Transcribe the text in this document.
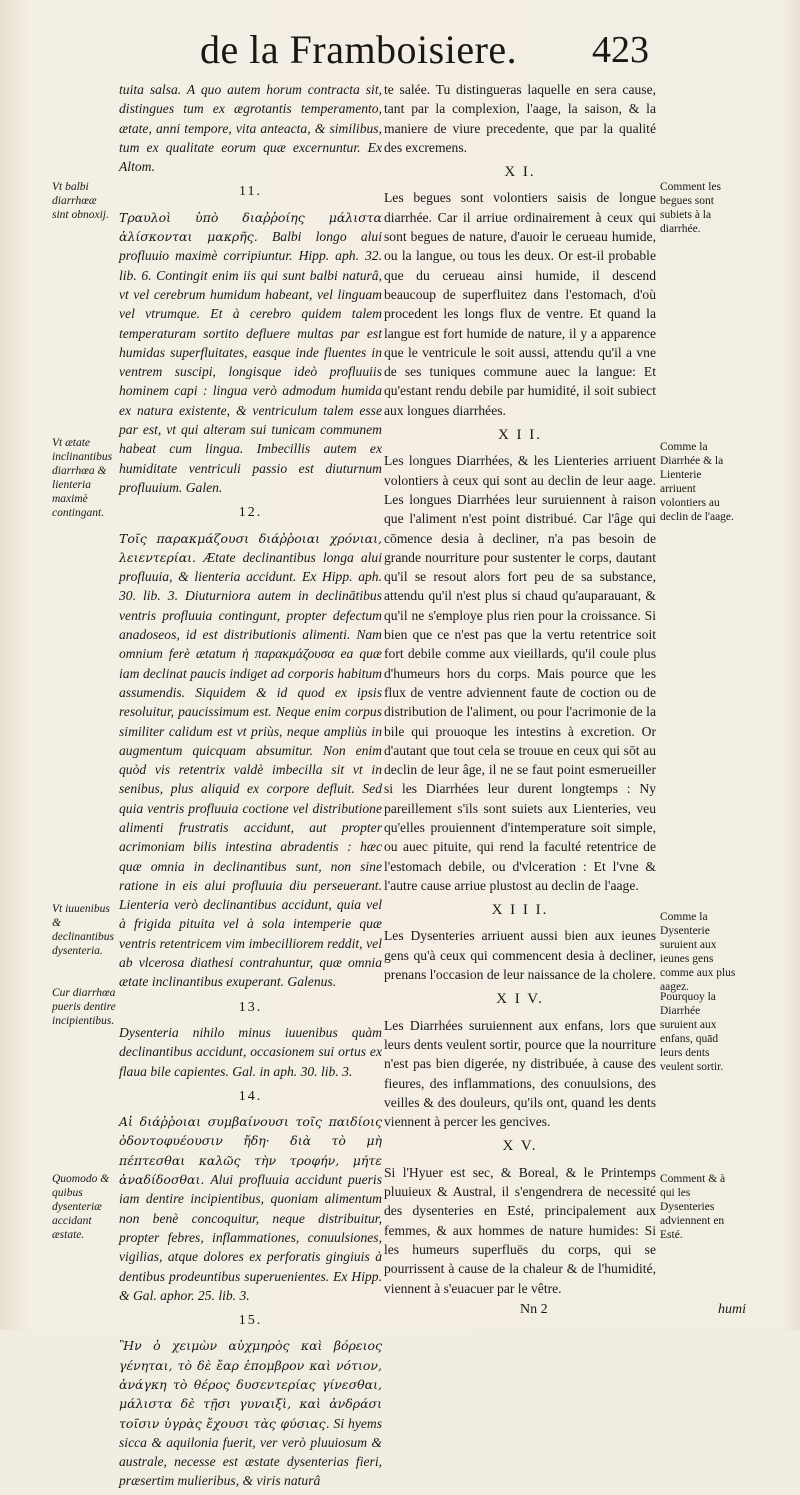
de la Framboisiere. 423
Vt balbi diarrhœæ sint obnoxij.
Vt ætate inclinantibus diarrhœa & lienteria maximè contingant.
Vt iuuenibus & declinantibus dysenteria.
Cur diarrhœa pueris dentire incipientibus.
Quomodo & quibus dysenteriæ accidant æstate.
Comment les begues sont subiets à la diarrhée.
Comme la Diarrhée & la Lienterie arriuent volontiers au declin de l'aage.
Comme la Dysenterie suruient aux ieunes gens comme aux plus aagez.
Pourquoy la Diarrhée suruient aux enfans, quād leurs dents veulent sortir.
Comment & à qui les Dysenteries adviennent en Esté.

tuita salsa. A quo autem horum contracta sit, distingues tum ex ægrotantis temperamento, ætate, anni tempore, vita anteacta, & similibus, tum ex qualitate eorum quæ excernuntur. Ex Altom.

11.

Τραυλοὶ ὑπὸ διαῤῥοίης μάλιστα ἁλίσκονται μακρῆς. Balbi longo alui profluuio maximè corripiuntur. Hipp. aph. 32. lib. 6. Contingit enim iis qui sunt balbi naturâ, vt vel cerebrum humidum habeant, vel linguam vel vtrumque. Et à cerebro quidem talem temperaturam sortito defluere multas par est humidas superfluitates, easque inde fluentes in ventrem suscipi, longisque ideò profluuiis hominem capi : lingua verò admodum humida ex natura existente, & ventriculum talem esse par est, vt qui alteram sui tunicam communem habeat cum lingua. Imbecillis autem ex humiditate ventriculi passio est diuturnum profluuium. Galen.

12.

Τοῖς παρακμάζουσι διάῤῥοιαι χρόνιαι, λειεντερίαι. Ætate declinantibus longa alui profluuia, & lienteria accidunt. Ex Hipp. aph. 30. lib. 3. Diuturniora autem in declinātibus ventris profluuia contingunt, propter defectum anadoseos, id est distributionis alimenti. Nam omnium ferè ætatum ἡ παρακμάζουσα ea quæ iam declinat paucis indiget ad corporis habitum assumendis. Siquidem & id quod ex ipsis resoluitur, paucissimum est. Neque enim corpus similiter calidum est vt priùs, neque ampliùs in augmentum quicquam absumitur. Non enim quòd vis retentrix valdè imbecilla sit vt in senibus, plus aliquid ex corpore defluit. Sed quia ventris profluuia coctione vel distributione alimenti frustratis accidunt, aut propter acrimoniam bilis intestina abradentis : hæc quæ omnia in declinantibus sunt, non sine ratione in eis alui profluuia diu perseuerant. Lienteria verò declinantibus accidunt, quia vel à frigida pituita vel à sola intemperie quæ ventris retentricem vim imbecilliorem reddit, vel ab vlcerosa diathesi contrahuntur, quæ omnia ætate inclinantibus exuperant. Galenus.

13.

Dysenteria nihilo minus iuuenibus quàm declinantibus accidunt, occasionem sui ortus ex flaua bile capientes. Gal. in aph. 30. lib. 3.

14.

Αἱ διάῤῥοιαι συμβαίνουσι τοῖς παιδίοις ὀδοντοφυέουσιν ἤδη· διὰ τὸ μὴ πέπτεσθαι καλῶς τὴν τροφήν, μήτε ἀναδίδοσθαι. Alui profluuia accidunt pueris iam dentire incipientibus, quoniam alimentum non benè concoquitur, neque distribuitur, propter febres, inflammationes, conuulsiones, vigilias, atque dolores ex perforatis gingiuis à dentibus prodeuntibus superuenientes. Ex Hipp. & Gal. aphor. 25. lib. 3.

15.

Ἢν ὁ χειμὼν αὐχμηρὸς καὶ βόρειος γένηται, τὸ δὲ ἔαρ ἐπομβρον καὶ νότιον, ἀνάγκη τὸ θέρος δυσεντερίας γίνεσθαι, μάλιστα δὲ τῇσι γυναιξὶ, καὶ ἀνδράσι τοῖσιν ὑγρὰς ἔχουσι τὰς φύσιας. Si hyems sicca & aquilonia fuerit, ver verò pluuiosum & australe, necesse est æstate dysenterias fieri, præsertim mulieribus, & viris naturâ

te salée. Tu distingueras laquelle en sera cause, tant par la complexion, l'aage, la saison, & la maniere de viure precedente, que par la qualité des excremens.

X I.

Les begues sont volontiers saisis de longue diarrhée. Car il arriue ordinairement à ceux qui sont begues de nature, d'auoir le cerueau humide, ou la langue, ou tous les deux. Or est-il probable que du cerueau ainsi humide, il descend beaucoup de superfluitez dans l'estomach, d'où procedent les longs flux de ventre. Et quand la langue est fort humide de nature, il y a apparence que le ventricule le soit aussi, attendu qu'il a vne de ses tuniques commune auec la langue: Et qu'estant rendu debile par humidité, il soit subiect aux longues diarrhées.

X I I.

Les longues Diarrhées, & les Lienteries arriuent volontiers à ceux qui sont au declin de leur aage. Les longues Diarrhées leur suruiennent à raison que l'aliment n'est point distribué. Car l'âge qui cōmence desia à decliner, n'a pas besoin de grande nourriture pour sustenter le corps, dautant qu'il se resout alors fort peu de sa substance, attendu qu'il n'est plus si chaud qu'auparauant, & qu'il ne s'employe plus rien pour la croissance. Si bien que ce n'est pas que la vertu retentrice soit fort debile comme aux vieillards, qu'il coule plus d'humeurs hors du corps. Mais pource que les flux de ventre adviennent faute de coction ou de distribution de l'aliment, ou pour l'acrimonie de la bile qui prouoque les intestins à excretion. Or d'autant que tout cela se trouue en ceux qui sōt au declin de leur âge, il ne se faut point esmerueiller si les Diarrhées leur durent longtemps : Ny pareillement s'ils sont suiets aux Lienteries, veu qu'elles prouiennent d'intemperature soit simple, ou auec pituite, qui rend la faculté retentrice de l'estomach debile, ou d'vlceration : Et l'vne & l'autre cause arriue plustost au declin de l'aage.

X I I I.

Les Dysenteries arriuent aussi bien aux ieunes gens qu'à ceux qui commencent desia à decliner, prenans l'occasion de leur naissance de la cholere.

X I V.

Les Diarrhées suruiennent aux enfans, lors que leurs dents veulent sortir, pource que la nourriture n'est pas bien digerée, ny distribuée, à cause des fieures, des inflammations, des conuulsions, des veilles & des douleurs, qu'ils ont, quand les dents viennent à percer les gencives.

X V.

Si l'Hyuer est sec, & Boreal, & le Printemps pluuieux & Austral, il s'engendrera de necessité des dysenteries en Esté, principalement aux femmes, & aux hommes de nature humides: Si les humeurs superfluës du corps, qui se pourrissent à cause de la chaleur & de l'humidité, viennent à s'euacuer par le vêtre.

Nn 2	humi
